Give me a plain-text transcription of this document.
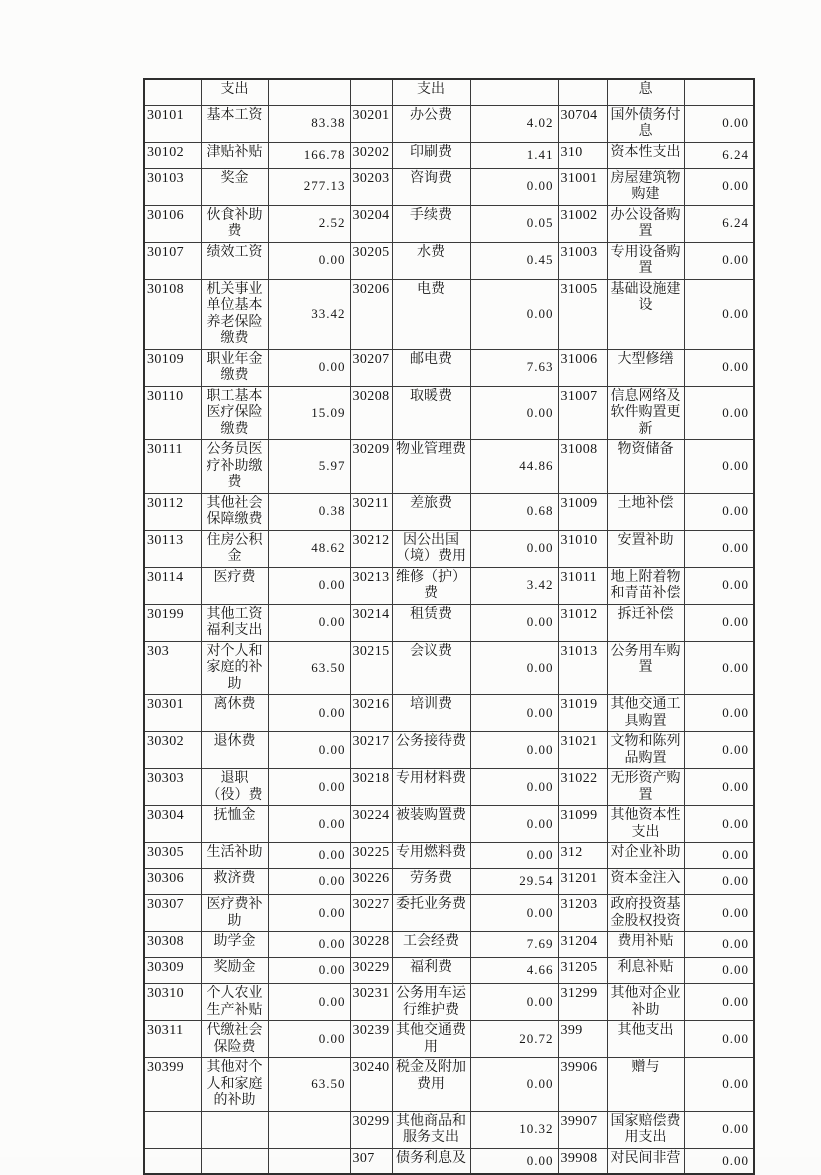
	支出			支出			息	
30101	基本工资	83.38	30201	办公费	4.02	30704	国外债务付息	0.00
30102	津贴补贴	166.78	30202	印刷费	1.41	310	资本性支出	6.24
30103	奖金	277.13	30203	咨询费	0.00	31001	房屋建筑物购建	0.00
30106	伙食补助费	2.52	30204	手续费	0.05	31002	办公设备购置	6.24
30107	绩效工资	0.00	30205	水费	0.45	31003	专用设备购置	0.00
30108	机关事业单位基本养老保险缴费	33.42	30206	电费	0.00	31005	基础设施建设	0.00
30109	职业年金缴费	0.00	30207	邮电费	7.63	31006	大型修缮	0.00
30110	职工基本医疗保险缴费	15.09	30208	取暖费	0.00	31007	信息网络及软件购置更新	0.00
30111	公务员医疗补助缴费	5.97	30209	物业管理费	44.86	31008	物资储备	0.00
30112	其他社会保障缴费	0.38	30211	差旅费	0.68	31009	土地补偿	0.00
30113	住房公积金	48.62	30212	因公出国（境）费用	0.00	31010	安置补助	0.00
30114	医疗费	0.00	30213	维修（护）费	3.42	31011	地上附着物和青苗补偿	0.00
30199	其他工资福利支出	0.00	30214	租赁费	0.00	31012	拆迁补偿	0.00
303	对个人和家庭的补助	63.50	30215	会议费	0.00	31013	公务用车购置	0.00
30301	离休费	0.00	30216	培训费	0.00	31019	其他交通工具购置	0.00
30302	退休费	0.00	30217	公务接待费	0.00	31021	文物和陈列品购置	0.00
30303	退职（役）费	0.00	30218	专用材料费	0.00	31022	无形资产购置	0.00
30304	抚恤金	0.00	30224	被装购置费	0.00	31099	其他资本性支出	0.00
30305	生活补助	0.00	30225	专用燃料费	0.00	312	对企业补助	0.00
30306	救济费	0.00	30226	劳务费	29.54	31201	资本金注入	0.00
30307	医疗费补助	0.00	30227	委托业务费	0.00	31203	政府投资基金股权投资	0.00
30308	助学金	0.00	30228	工会经费	7.69	31204	费用补贴	0.00
30309	奖励金	0.00	30229	福利费	4.66	31205	利息补贴	0.00
30310	个人农业生产补贴	0.00	30231	公务用车运行维护费	0.00	31299	其他对企业补助	0.00
30311	代缴社会保险费	0.00	30239	其他交通费用	20.72	399	其他支出	0.00
30399	其他对个人和家庭的补助	63.50	30240	税金及附加费用	0.00	39906	赠与	0.00
			30299	其他商品和服务支出	10.32	39907	国家赔偿费用支出	0.00
			307	债务利息及	0.00	39908	对民间非营	0.00
